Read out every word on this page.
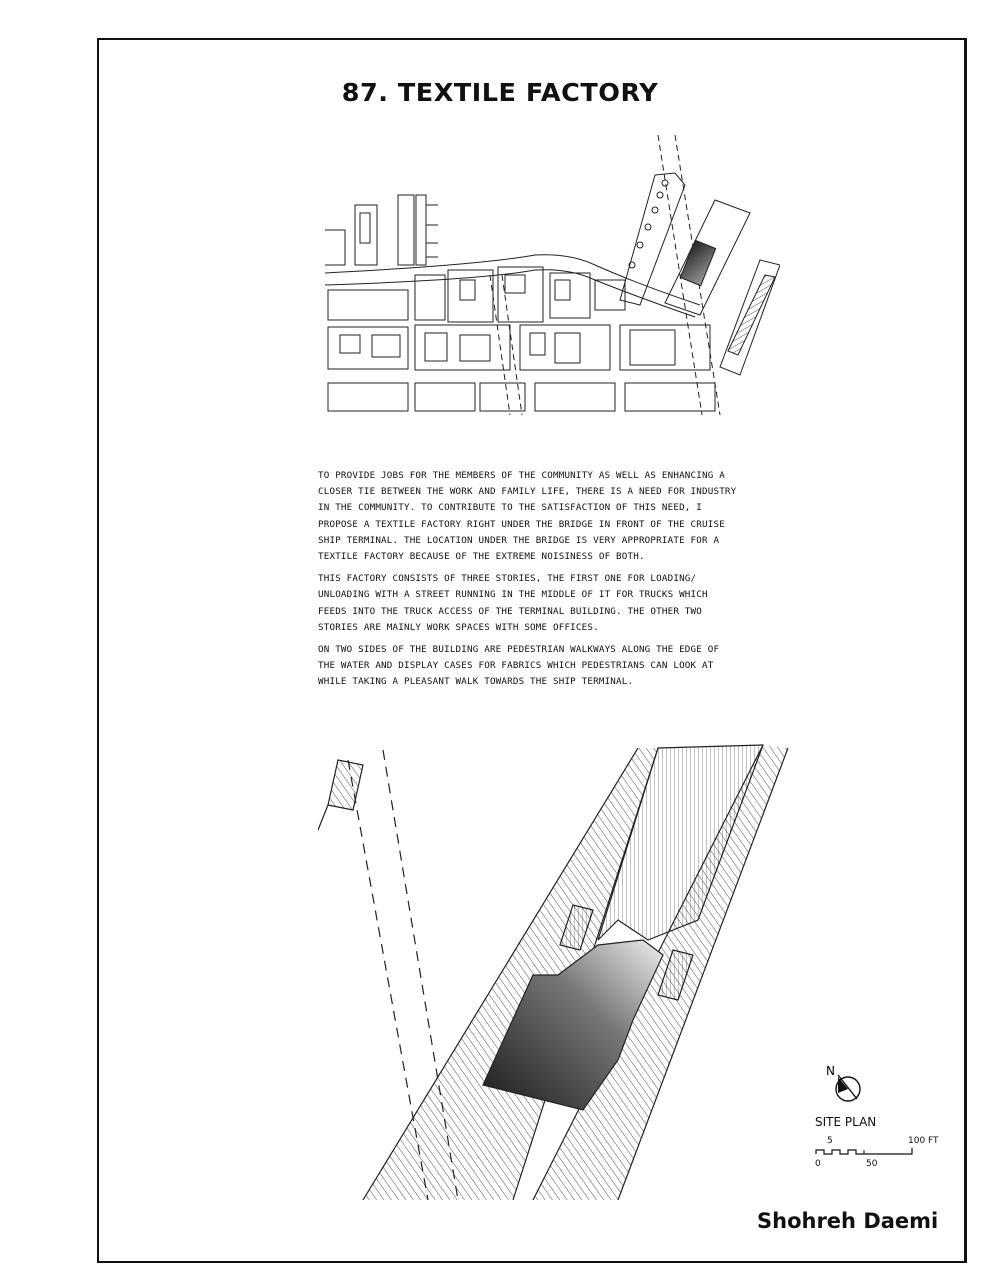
87. TEXTILE FACTORY

TO PROVIDE JOBS FOR THE MEMBERS OF THE COMMUNITY AS WELL AS ENHANCING A CLOSER TIE BETWEEN THE WORK AND FAMILY LIFE, THERE IS A NEED FOR INDUSTRY IN THE COMMUNITY. TO CONTRIBUTE TO THE SATISFACTION OF THIS NEED, I PROPOSE A TEXTILE FACTORY RIGHT UNDER THE BRIDGE IN FRONT OF THE CRUISE SHIP TERMINAL. THE LOCATION UNDER THE BRIDGE IS VERY APPROPRIATE FOR A TEXTILE FACTORY BECAUSE OF THE EXTREME NOISINESS OF BOTH.

THIS FACTORY CONSISTS OF THREE STORIES, THE FIRST ONE FOR LOADING/ UNLOADING WITH A STREET RUNNING IN THE MIDDLE OF IT FOR TRUCKS WHICH FEEDS INTO THE TRUCK ACCESS OF THE TERMINAL BUILDING. THE OTHER TWO STORIES ARE MAINLY WORK SPACES WITH SOME OFFICES.

ON TWO SIDES OF THE BUILDING ARE PEDESTRIAN WALKWAYS ALONG THE EDGE OF THE WATER AND DISPLAY CASES FOR FABRICS WHICH PEDESTRIANS CAN LOOK AT WHILE TAKING A PLEASANT WALK TOWARDS THE SHIP TERMINAL.

N
SITE PLAN
5	100 FT
0	50
Shohreh Daemi
